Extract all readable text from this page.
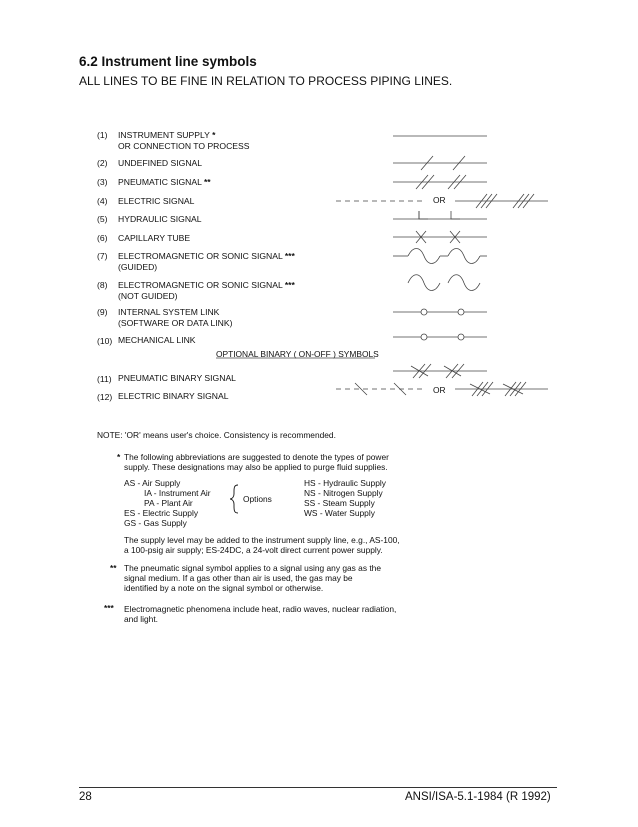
6.2 Instrument line symbols
ALL LINES TO BE FINE IN RELATION TO PROCESS PIPING LINES.
(1) INSTRUMENT SUPPLY *
OR CONNECTION TO PROCESS
(2) UNDEFINED SIGNAL
(3) PNEUMATIC SIGNAL **
(4) ELECTRIC SIGNAL
(5) HYDRAULIC SIGNAL
(6) CAPILLARY TUBE
(7) ELECTROMAGNETIC OR SONIC SIGNAL ***
(GUIDED)
(8) ELECTROMAGNETIC OR SONIC SIGNAL ***
(NOT GUIDED)
(9) INTERNAL SYSTEM LINK
(SOFTWARE OR DATA LINK)
(10) MECHANICAL LINK
OPTIONAL BINARY ( ON-OFF ) SYMBOLS
(11) PNEUMATIC BINARY SIGNAL
(12) ELECTRIC BINARY SIGNAL
OR
OR
NOTE: 'OR' means user's choice. Consistency is recommended.
* The following abbreviations are suggested to denote the types of power
supply. These designations may also be applied to purge fluid supplies.
AS - Air Supply
IA - Instrument Air
PA - Plant Air
ES - Electric Supply
GS - Gas Supply
Options
HS - Hydraulic Supply
NS - Nitrogen Supply
SS - Steam Supply
WS - Water Supply
The supply level may be added to the instrument supply line, e.g., AS-100,
a 100-psig air supply; ES-24DC, a 24-volt direct current power supply.
** The pneumatic signal symbol applies to a signal using any gas as the
signal medium. If a gas other than air is used, the gas may be
identified by a note on the signal symbol or otherwise.
*** Electromagnetic phenomena include heat, radio waves, nuclear radiation,
and light.
28	ANSI/ISA-5.1-1984 (R 1992)
